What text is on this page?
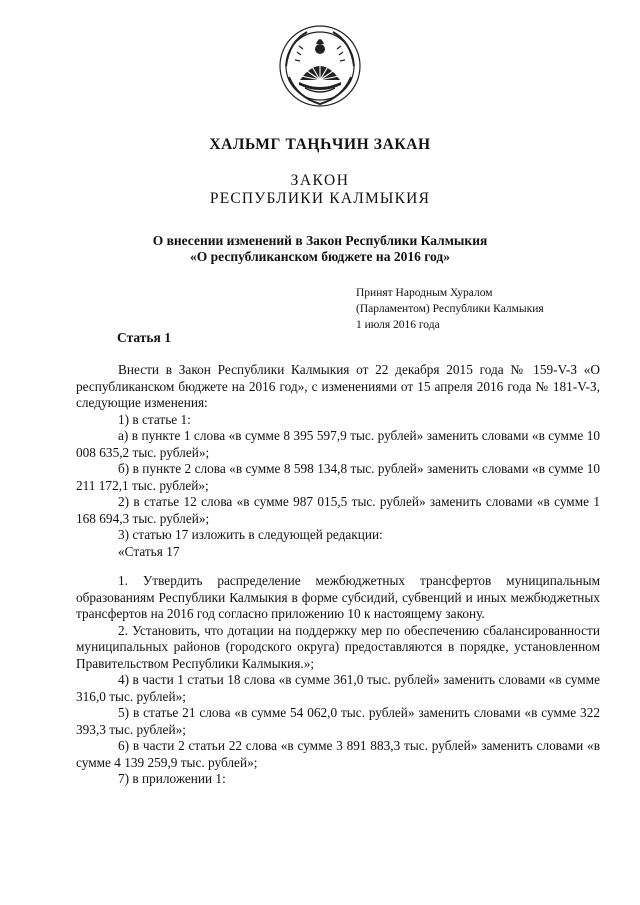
ХАЛЬМГ ТАҢҺЧИН ЗАКАН
ЗАКОН
РЕСПУБЛИКИ КАЛМЫКИЯ
О внесении изменений в Закон Республики Калмыкия
«О республиканском бюджете на 2016 год»
Принят Народным Хуралом
(Парламентом) Республики Калмыкия
1 июля 2016 года
Статья 1

Внести в Закон Республики Калмыкия от 22 декабря 2015 года № 159-V-З «О республиканском бюджете на 2016 год», с изменениями от 15 апреля 2016 года № 181-V-З, следующие изменения:

1) в статье 1:

а) в пункте 1 слова «в сумме 8 395 597,9 тыс. рублей» заменить словами «в сумме 10 008 635,2 тыс. рублей»;

б) в пункте 2 слова «в сумме 8 598 134,8 тыс. рублей» заменить словами «в сумме 10 211 172,1 тыс. рублей»;

2) в статье 12 слова «в сумме 987 015,5 тыс. рублей» заменить словами «в сумме 1 168 694,3 тыс. рублей»;

3) статью 17 изложить в следующей редакции:

«Статья 17

1. Утвердить распределение межбюджетных трансфертов муниципальным образованиям Республики Калмыкия в форме субсидий, субвенций и иных межбюджетных трансфертов на 2016 год согласно приложению 10 к настоящему закону.

2. Установить, что дотации на поддержку мер по обеспечению сбалансированности муниципальных районов (городского округа) предоставляются в порядке, установленном Правительством Республики Калмыкия.»;

4) в части 1 статьи 18 слова «в сумме 361,0 тыс. рублей» заменить словами «в сумме 316,0 тыс. рублей»;

5) в статье 21 слова «в сумме 54 062,0 тыс. рублей» заменить словами «в сумме 322 393,3 тыс. рублей»;

6) в части 2 статьи 22 слова «в сумме 3 891 883,3 тыс. рублей» заменить словами «в сумме 4 139 259,9 тыс. рублей»;

7) в приложении 1:
